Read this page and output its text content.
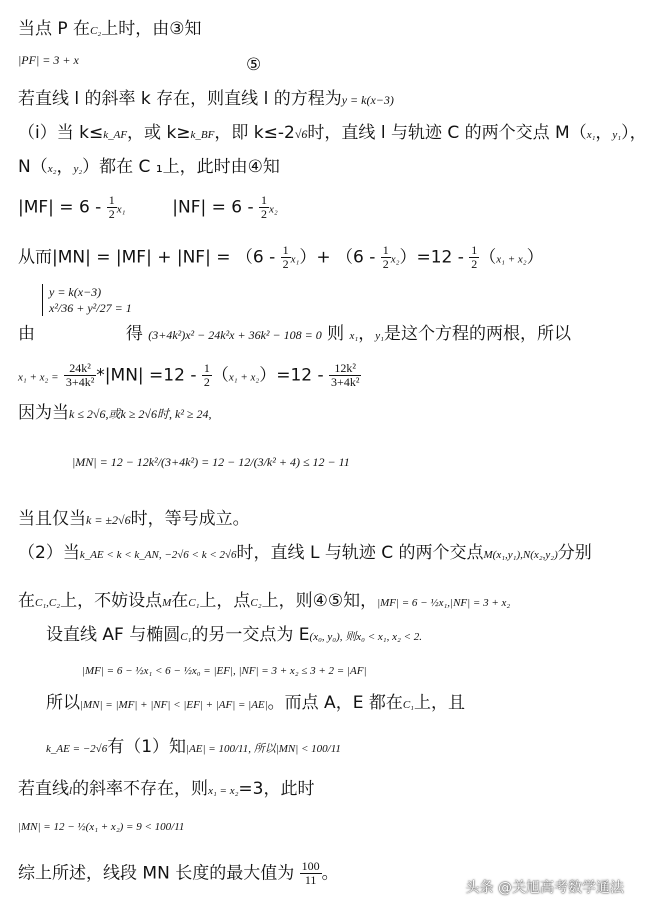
当点 P 在C₂上时，由③知
|PF| = 3 + x	⑤
若直线 l 的斜率 k 存在，则直线 l 的方程为y = k(x−3)
（i）当 k≤k_AF，或 k≥k_BF，即 k≤-2√6时，直线 l 与轨迹 C 的两个交点 M（x₁，y₁），
N（x₂，y₂）都在 C ₁上，此时由④知
$|MF| = 6 - \frac{1}{2} x_1$	$|NF| = 6 - \frac{1}{2} x_2$
从而$|MN| = |MF| + |NF| = (6 - \frac{1}{2} x_1)+ (6 - \frac{1}{2} x_2)=12 - \frac{1}{2} (x_1 + x_2)$
y = k(x−3)
x²/36 + y²/27 = 1
由	得 (3+4k²)x² − 24k²x + 36k² − 108 = 0 则 x₁，y₁是这个方程的两根，所以
$x_1 + x_2 = \frac{\text{24k²}}{\text{3+4k²}} *|MN| =12 - \frac{1}{2} (x_1 + x_2)=12 - \frac{\text{12k²}}{\text{3+4k²}}$
因为当k ≤ 2√6,或k ≥ 2√6时, k² ≥ 24,
|MN| = 12 − 12k²/(3+4k²) = 12 − 12/(3/k² + 4) ≤ 12 − 11
当且仅当k = ±2√6时，等号成立。
（2）当k_AE < k < k_AN, −2√6 < k < 2√6时，直线 L 与轨迹 C 的两个交点M(x₁,y₁),N(x₂,y₂)分别
在C₁,C₂上，不妨设点M在C₁上，点C₂上，则④⑤知，|MF| = 6 − ½x₁,|NF| = 3 + x₂
设直线 AF 与椭圆C₁的另一交点为 E(x₀, y₀), 则x₀ < x₁, x₂ < 2.
|MF| = 6 − ½x₁ < 6 − ½x₀ = |EF|, |NF| = 3 + x₂ ≤ 3 + 2 = |AF|
所以|MN| = |MF| + |NF| < |EF| + |AF| = |AE|。而点 A，E 都在C₁上，且
k_AE = −2√6有（1）知|AE| = 100/11, 所以|MN| < 100/11
若直线l的斜率不存在，则x₁ = x₂=3，此时
|MN| = 12 − ½(x₁ + x₂) = 9 < 100/11
综上所述，线段 MN 长度的最大值为 $\frac{100}{11}$ 。
头条 @关旭高考数学通法
